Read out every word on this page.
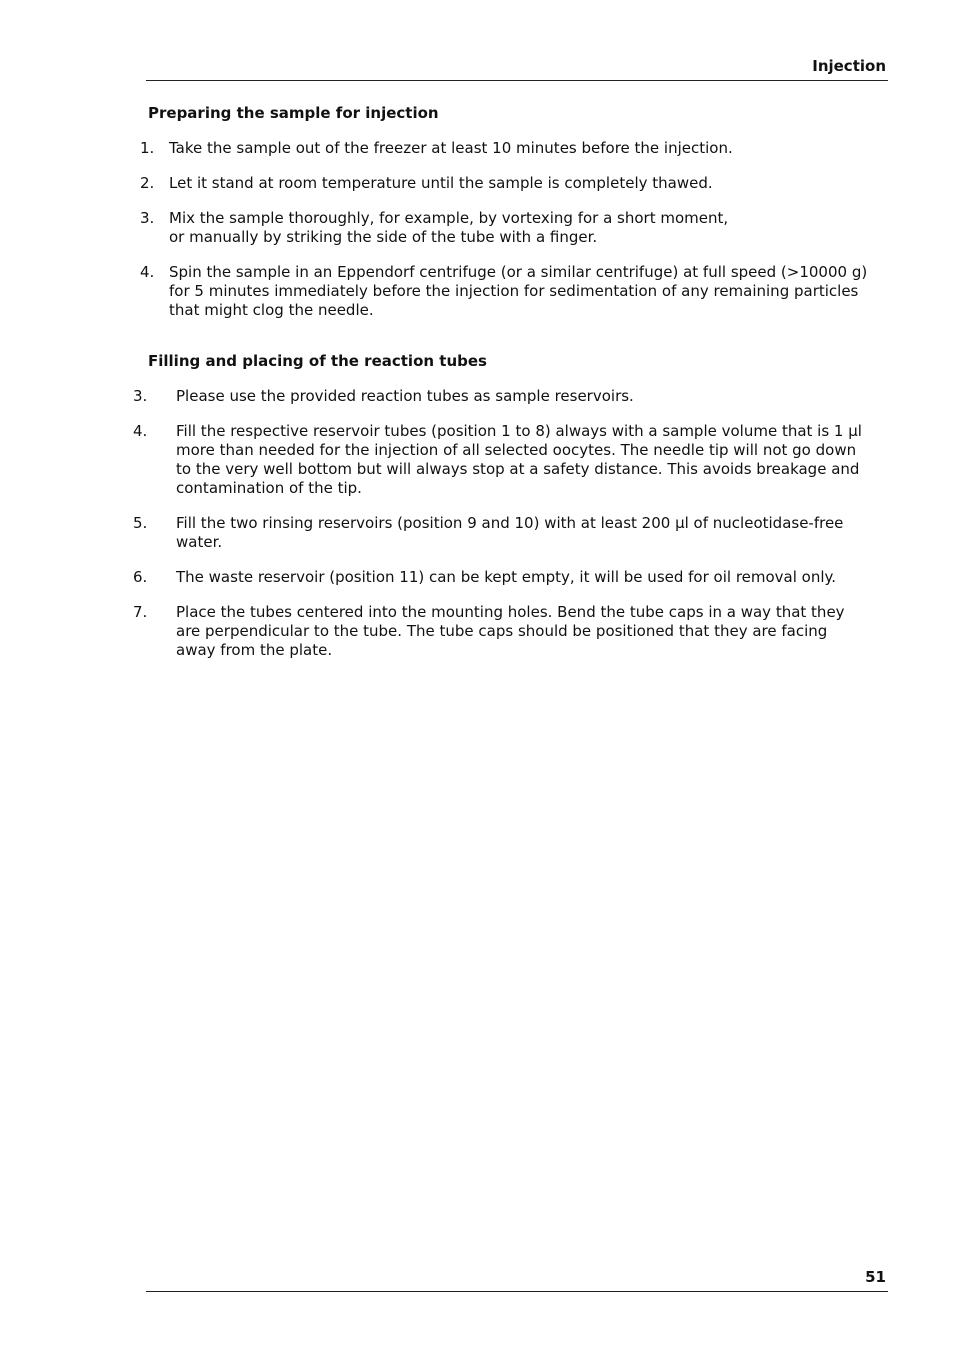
Injection
Preparing the sample for injection
1. Take the sample out of the freezer at least 10 minutes before the injection.
2. Let it stand at room temperature until the sample is completely thawed.
3. Mix the sample thoroughly, for example, by vortexing for a short moment,
or manually by striking the side of the tube with a finger.
4. Spin the sample in an Eppendorf centrifuge (or a similar centrifuge) at full speed (>10000 g)
for 5 minutes immediately before the injection for sedimentation of any remaining particles
that might clog the needle.
Filling and placing of the reaction tubes
3. Please use the provided reaction tubes as sample reservoirs.
4. Fill the respective reservoir tubes (position 1 to 8) always with a sample volume that is 1 µl
more than needed for the injection of all selected oocytes. The needle tip will not go down
to the very well bottom but will always stop at a safety distance. This avoids breakage and
contamination of the tip.
5. Fill the two rinsing reservoirs (position 9 and 10) with at least 200 µl of nucleotidase-free
water.
6. The waste reservoir (position 11) can be kept empty, it will be used for oil removal only.
7. Place the tubes centered into the mounting holes. Bend the tube caps in a way that they
are perpendicular to the tube. The tube caps should be positioned that they are facing
away from the plate.
51
